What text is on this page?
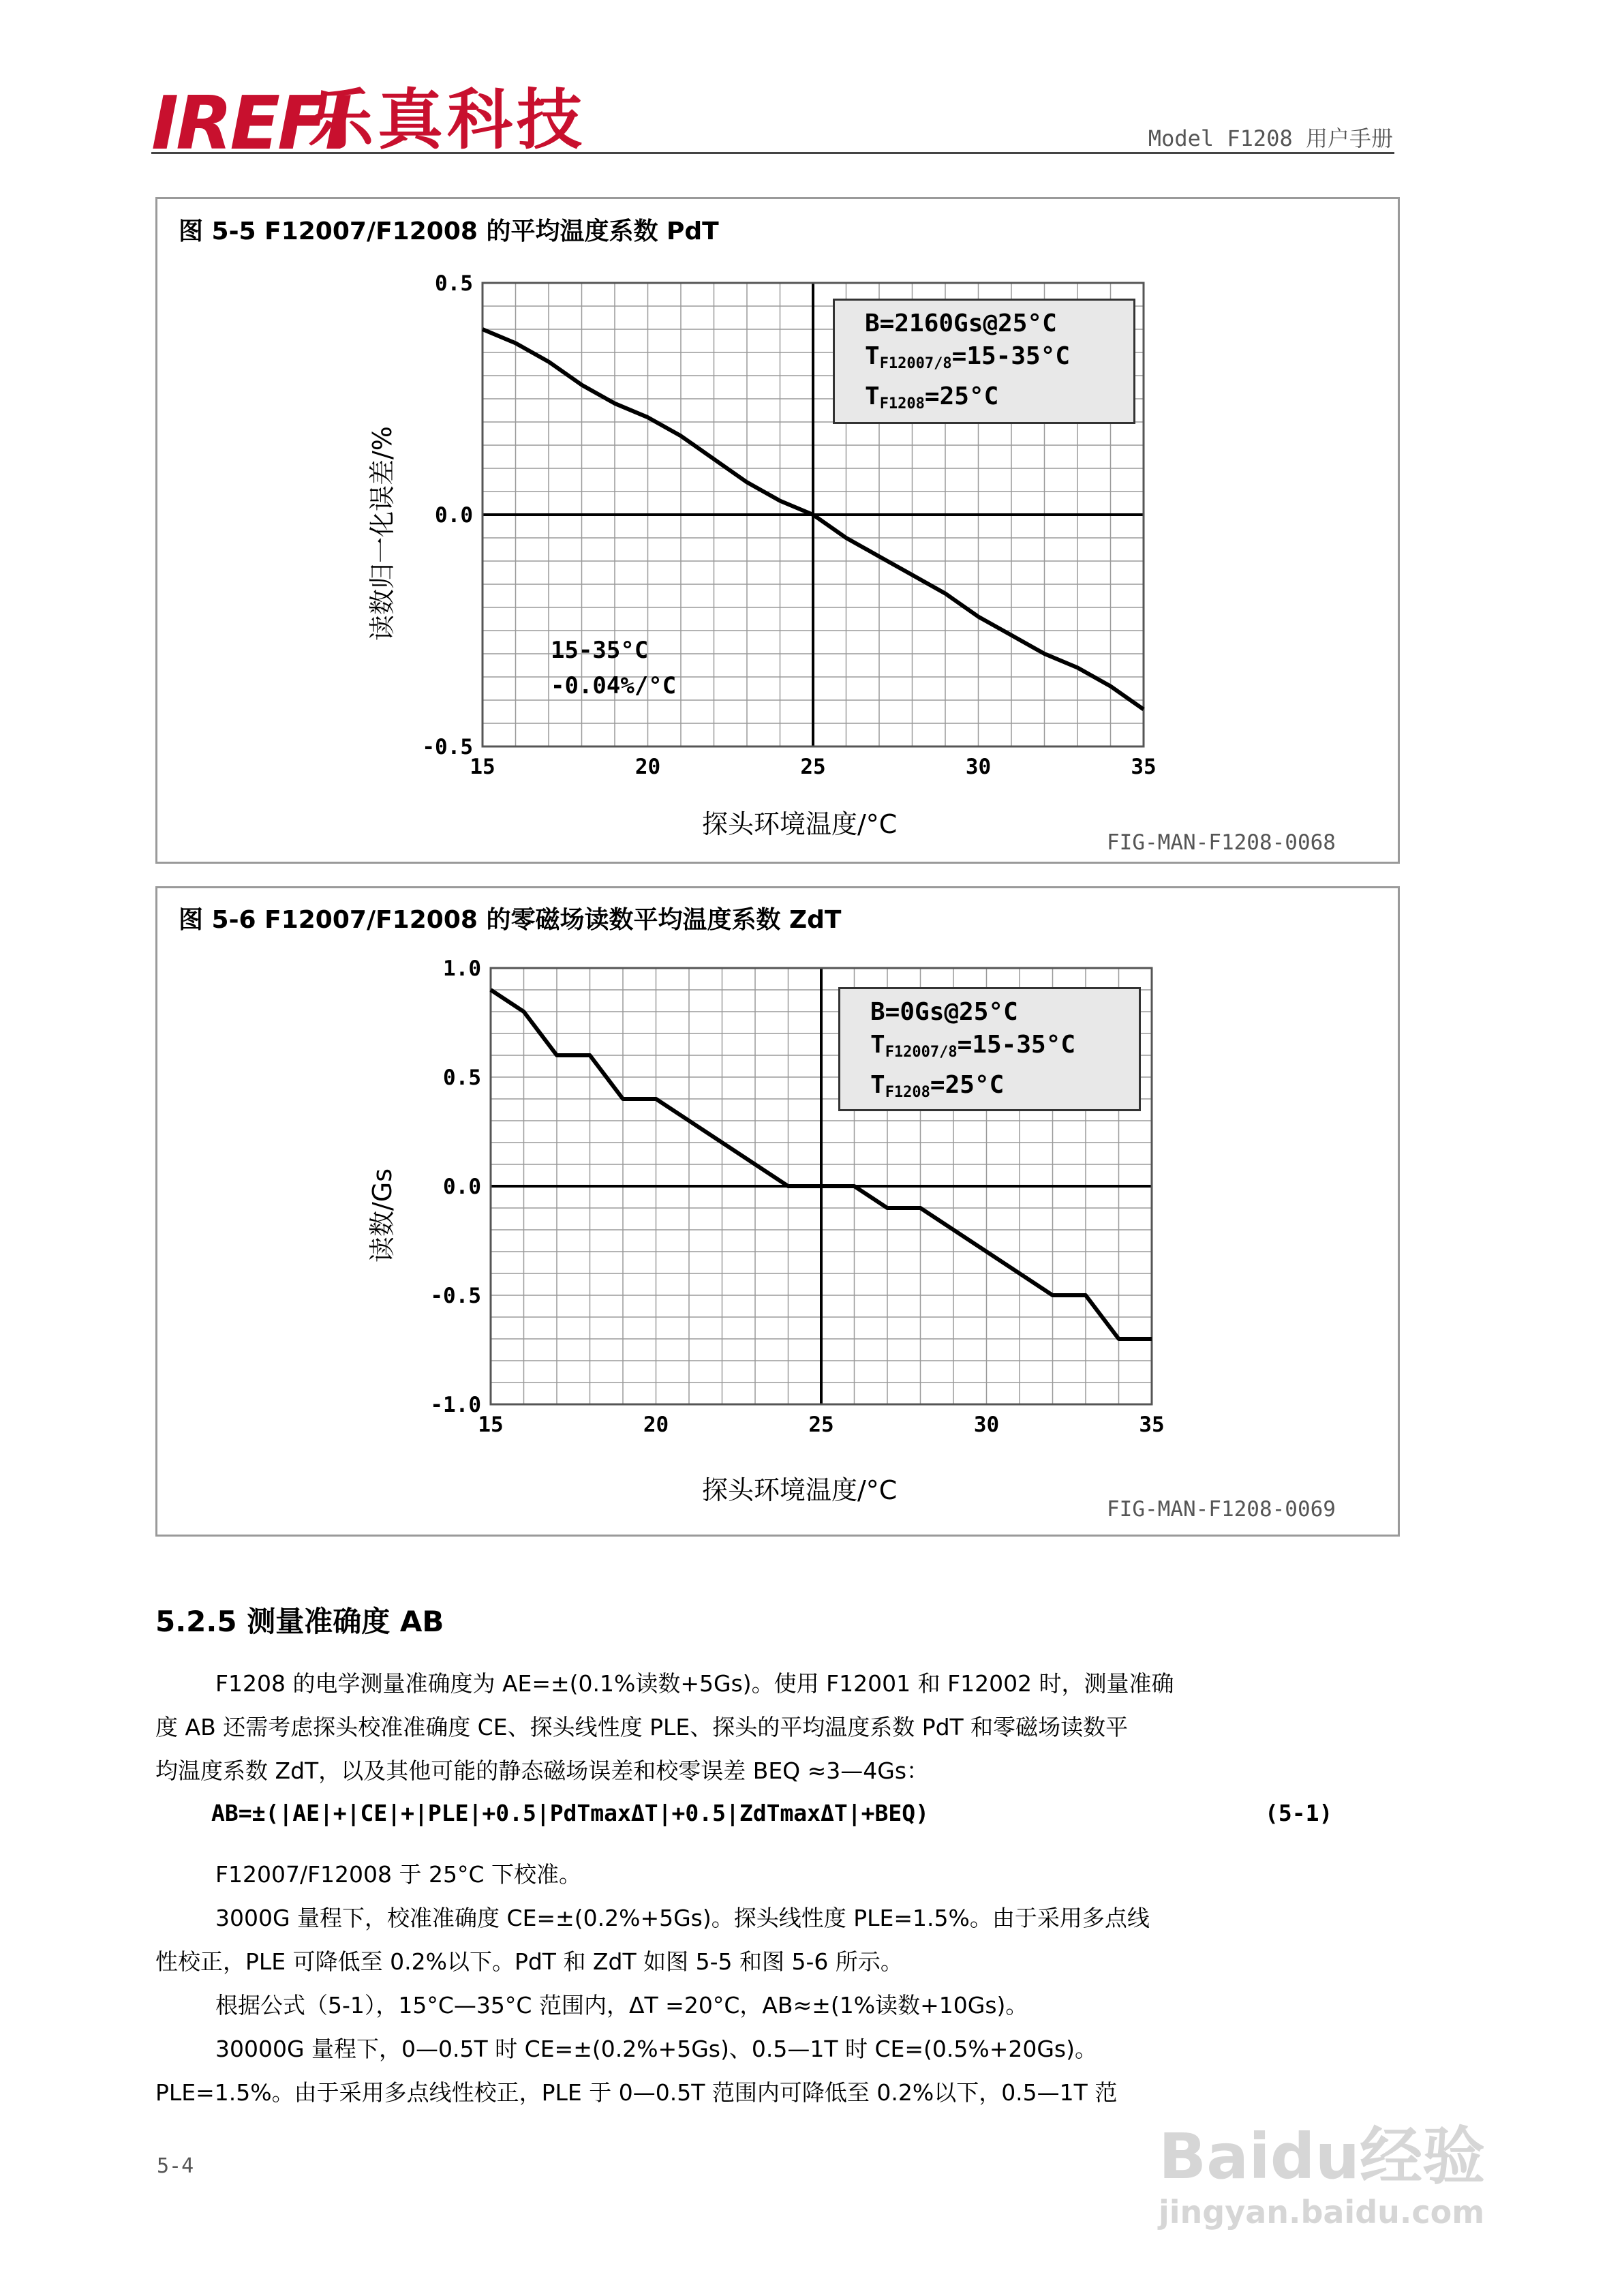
IREFI
乐真科技	Model F1208 用户手册
图 5-5 F12007/F12008 的平均温度系数 PdT
0.5
0.0
-0.5
15	20	25	30	35
读数归一化误差/%
探头环境温度/°C
B=2160Gs@25°C
$T_{F12007/8}=15-35^\circ C$
$T_{F1208}=25^\circ C$
15-35°C
-0.04%/°C
FIG-MAN-F1208-0068
图 5-6 F12007/F12008 的零磁场读数平均温度系数 ZdT
1.0
0.5
0.0
-0.5
-1.0
15	20	25	30	35
读数/Gs
探头环境温度/°C
B=0Gs@25°C
$T_{F12007/8}=15-35^\circ C$
$T_{F1208}=25^\circ C$
FIG-MAN-F1208-0069
5.2.5 测量准确度 AB
F1208 的电学测量准确度为 AE=±(0.1%读数+5Gs)。使用 F12001 和 F12002 时，测量准确
度 AB 还需考虑探头校准准确度 CE、探头线性度 PLE、探头的平均温度系数 PdT 和零磁场读数平
均温度系数 ZdT，以及其他可能的静态磁场误差和校零误差 BEQ ≈3—4Gs：
AB=±(|AE|+|CE|+|PLE|+0.5|PdTmaxΔT|+0.5|ZdTmaxΔT|+BEQ)	(5-1)
F12007/F12008 于 25°C 下校准。
3000G 量程下，校准准确度 CE=±(0.2%+5Gs)。探头线性度 PLE=1.5%。由于采用多点线
性校正，PLE 可降低至 0.2%以下。PdT 和 ZdT 如图 5-5 和图 5-6 所示。
根据公式（5-1），15°C—35°C 范围内，ΔT =20°C，AB≈±(1%读数+10Gs)。
30000G 量程下，0—0.5T 时 CE=±(0.2%+5Gs)、0.5—1T 时 CE=(0.5%+20Gs)。
PLE=1.5%。由于采用多点线性校正，PLE 于 0—0.5T 范围内可降低至 0.2%以下，0.5—1T 范
5-4	Baidu经验
jingyan.baidu.com
